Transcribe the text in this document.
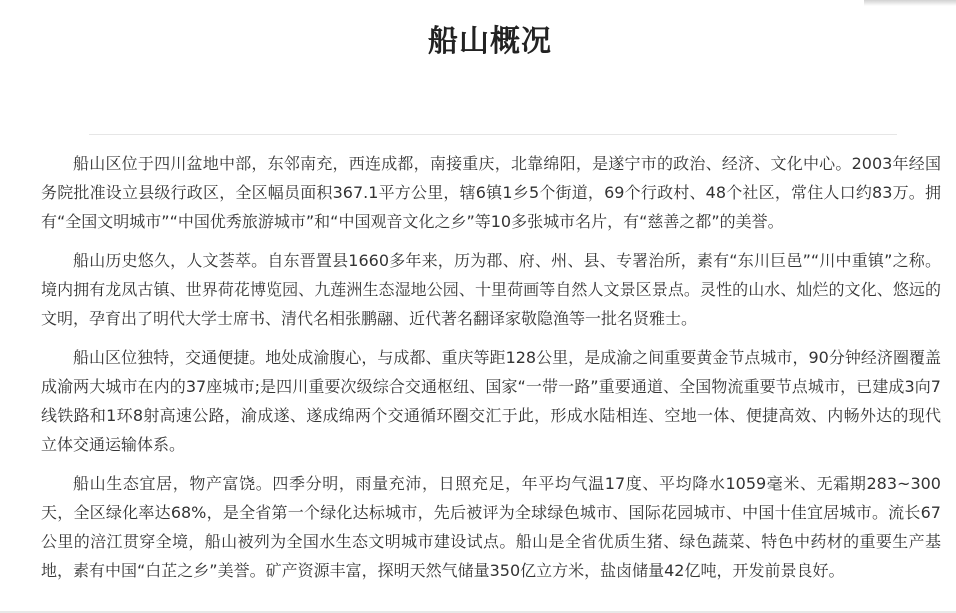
船山概况

船山区位于四川盆地中部，东邻南充，西连成都，南接重庆，北靠绵阳，是遂宁市的政治、经济、文化中心。2003年经国务院批准设立县级行政区，全区幅员面积367.1平方公里，辖6镇1乡5个街道，69个行政村、48个社区，常住人口约83万。拥有“全国文明城市”“中国优秀旅游城市”和“中国观音文化之乡”等10多张城市名片，有“慈善之都”的美誉。

船山历史悠久，人文荟萃。自东晋置县1660多年来，历为郡、府、州、县、专署治所，素有“东川巨邑”“川中重镇”之称。境内拥有龙凤古镇、世界荷花博览园、九莲洲生态湿地公园、十里荷画等自然人文景区景点。灵性的山水、灿烂的文化、悠远的文明，孕育出了明代大学士席书、清代名相张鹏翮、近代著名翻译家敬隐渔等一批名贤雅士。

船山区位独特，交通便捷。地处成渝腹心，与成都、重庆等距128公里，是成渝之间重要黄金节点城市，90分钟经济圈覆盖成渝两大城市在内的37座城市;是四川重要次级综合交通枢纽、国家“一带一路”重要通道、全国物流重要节点城市，已建成3向7线铁路和1环8射高速公路，渝成遂、遂成绵两个交通循环圈交汇于此，形成水陆相连、空地一体、便捷高效、内畅外达的现代立体交通运输体系。

船山生态宜居，物产富饶。四季分明，雨量充沛，日照充足，年平均气温17度、平均降水1059毫米、无霜期283~300天，全区绿化率达68%，是全省第一个绿化达标城市，先后被评为全球绿色城市、国际花园城市、中国十佳宜居城市。流长67公里的涪江贯穿全境，船山被列为全国水生态文明城市建设试点。船山是全省优质生猪、绿色蔬菜、特色中药材的重要生产基地，素有中国“白芷之乡”美誉。矿产资源丰富，探明天然气储量350亿立方米，盐卤储量42亿吨，开发前景良好。
